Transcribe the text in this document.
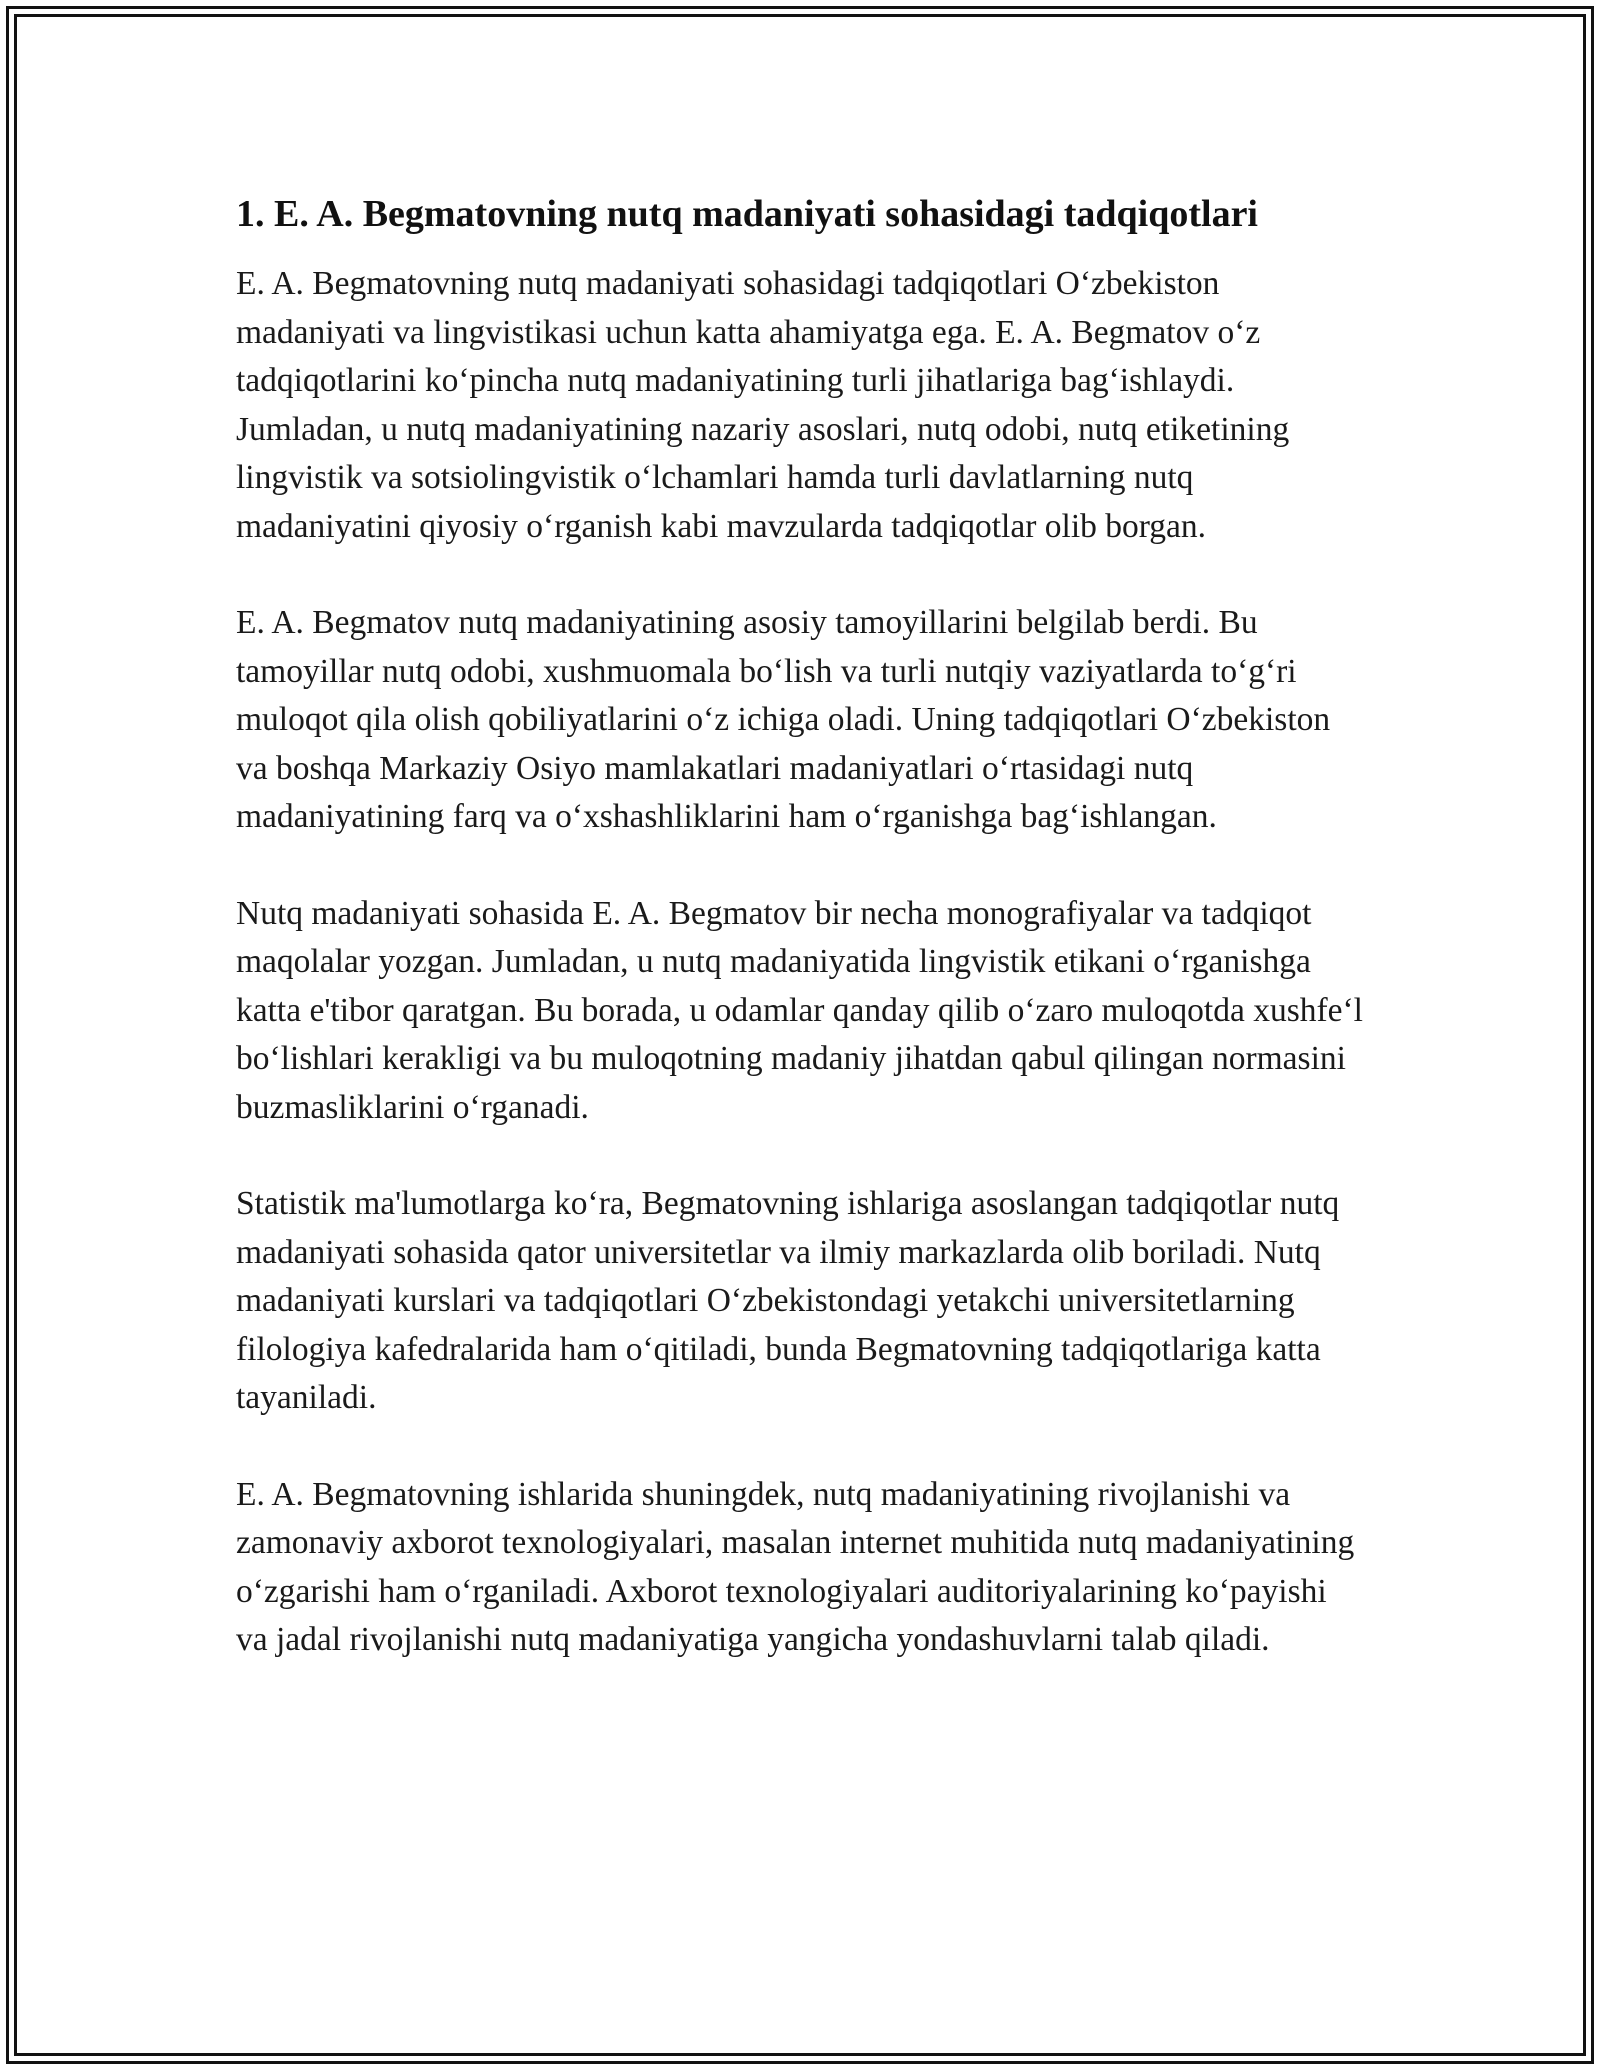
1. E. A. Begmatovning nutq madaniyati sohasidagi tadqiqotlari

E. A. Begmatovning nutq madaniyati sohasidagi tadqiqotlari O‘zbekiston madaniyati va lingvistikasi uchun katta ahamiyatga ega. E. A. Begmatov o‘z tadqiqotlarini ko‘pincha nutq madaniyatining turli jihatlariga bag‘ishlaydi. Jumladan, u nutq madaniyatining nazariy asoslari, nutq odobi, nutq etiketining lingvistik va sotsiolingvistik o‘lchamlari hamda turli davlatlarning nutq madaniyatini qiyosiy o‘rganish kabi mavzularda tadqiqotlar olib borgan.

E. A. Begmatov nutq madaniyatining asosiy tamoyillarini belgilab berdi. Bu tamoyillar nutq odobi, xushmuomala bo‘lish va turli nutqiy vaziyatlarda to‘g‘ri muloqot qila olish qobiliyatlarini o‘z ichiga oladi. Uning tadqiqotlari O‘zbekiston va boshqa Markaziy Osiyo mamlakatlari madaniyatlari o‘rtasidagi nutq madaniyatining farq va o‘xshashliklarini ham o‘rganishga bag‘ishlangan.

Nutq madaniyati sohasida E. A. Begmatov bir necha monografiyalar va tadqiqot maqolalar yozgan. Jumladan, u nutq madaniyatida lingvistik etikani o‘rganishga katta e'tibor qaratgan. Bu borada, u odamlar qanday qilib o‘zaro muloqotda xushfe‘l bo‘lishlari kerakligi va bu muloqotning madaniy jihatdan qabul qilingan normasini buzmasliklarini o‘rganadi.

Statistik ma'lumotlarga ko‘ra, Begmatovning ishlariga asoslangan tadqiqotlar nutq madaniyati sohasida qator universitetlar va ilmiy markazlarda olib boriladi. Nutq madaniyati kurslari va tadqiqotlari O‘zbekistondagi yetakchi universitetlarning filologiya kafedralarida ham o‘qitiladi, bunda Begmatovning tadqiqotlariga katta tayaniladi.

E. A. Begmatovning ishlarida shuningdek, nutq madaniyatining rivojlanishi va zamonaviy axborot texnologiyalari, masalan internet muhitida nutq madaniyatining o‘zgarishi ham o‘rganiladi. Axborot texnologiyalari auditoriyalarining ko‘payishi va jadal rivojlanishi nutq madaniyatiga yangicha yondashuvlarni talab qiladi.
